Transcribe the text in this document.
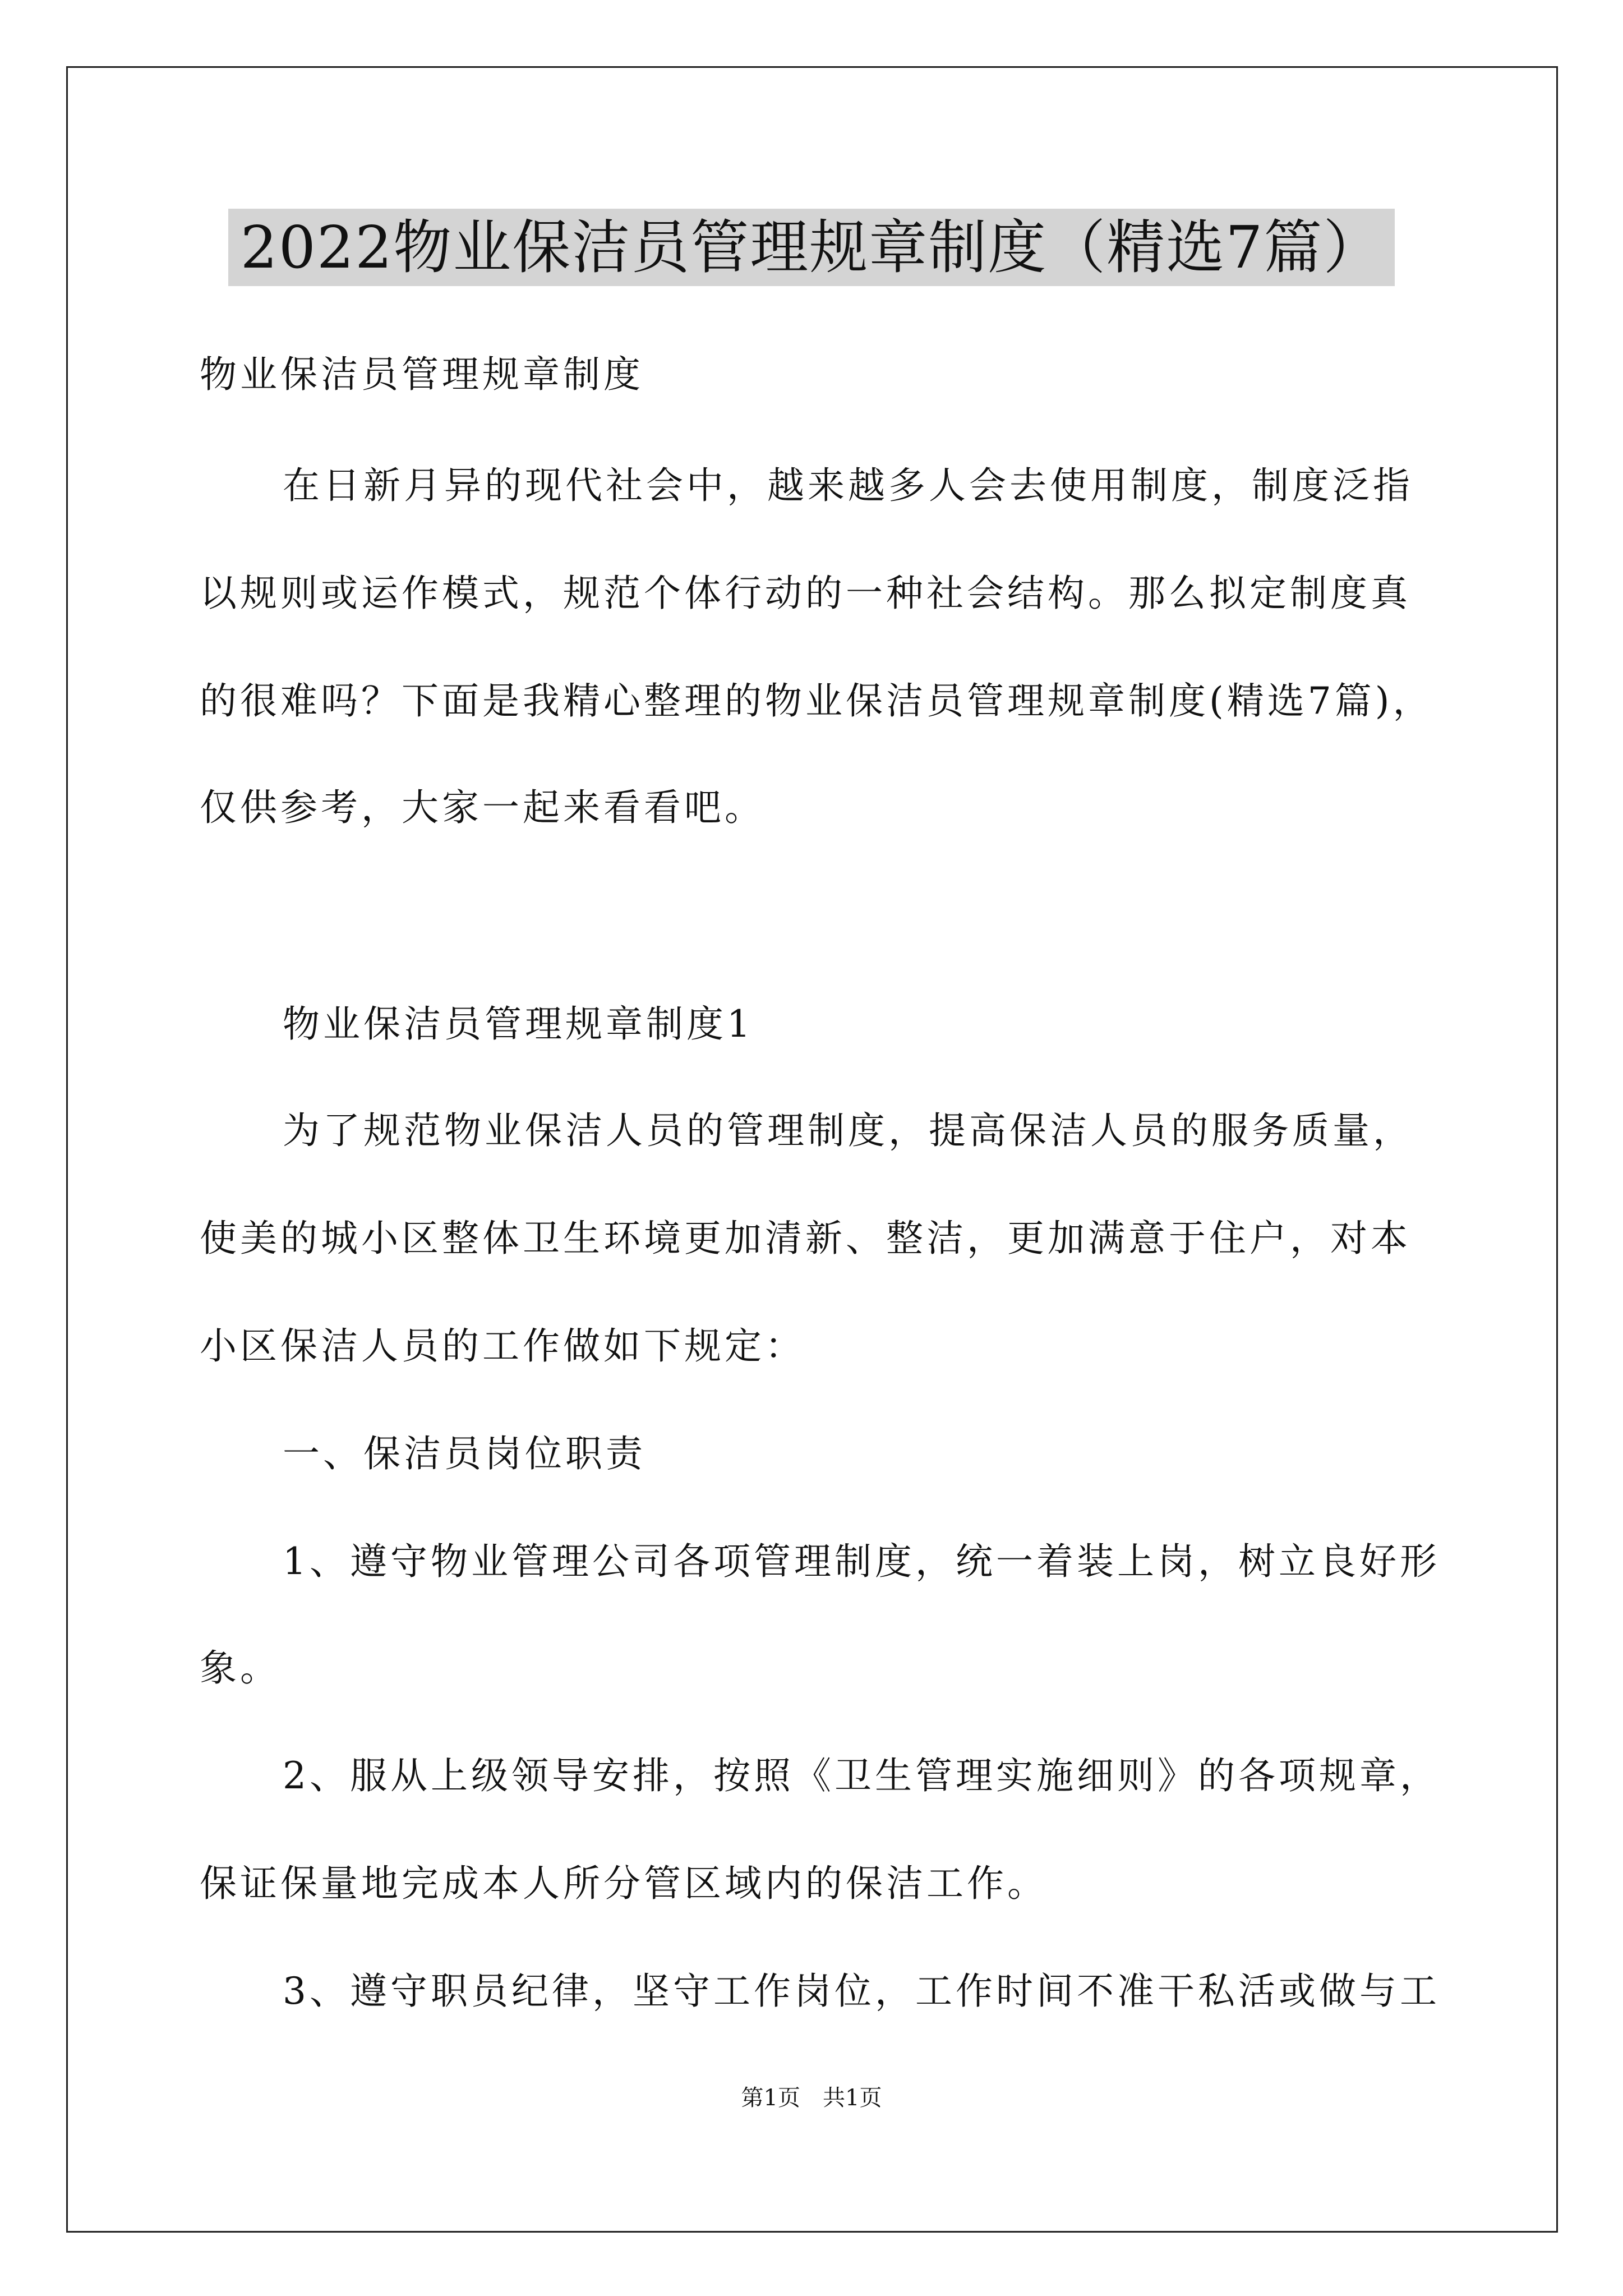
2022物业保洁员管理规章制度（精选7篇）
物业保洁员管理规章制度
在日新月异的现代社会中，越来越多人会去使用制度，制度泛指
以规则或运作模式，规范个体行动的一种社会结构。那么拟定制度真
的很难吗？下面是我精心整理的物业保洁员管理规章制度(精选7篇)，
仅供参考，大家一起来看看吧。
物业保洁员管理规章制度1
为了规范物业保洁人员的管理制度，提高保洁人员的服务质量，
使美的城小区整体卫生环境更加清新、整洁，更加满意于住户，对本
小区保洁人员的工作做如下规定：
一、保洁员岗位职责
1、遵守物业管理公司各项管理制度，统一着装上岗，树立良好形
象。
2、服从上级领导安排，按照《卫生管理实施细则》的各项规章，
保证保量地完成本人所分管区域内的保洁工作。
3、遵守职员纪律，坚守工作岗位，工作时间不准干私活或做与工
第1页　共1页
